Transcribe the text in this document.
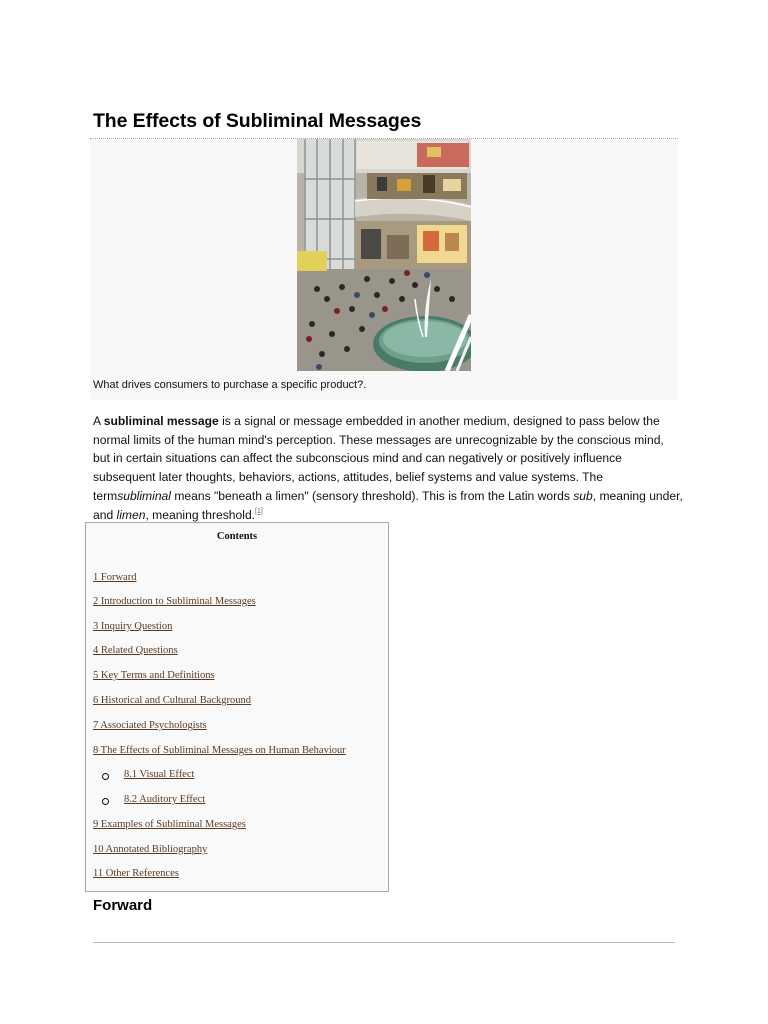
The Effects of Subliminal Messages
What drives consumers to purchase a specific product?.

A subliminal message is a signal or message embedded in another medium, designed to pass below the normal limits of the human mind's perception. These messages are unrecognizable by the conscious mind, but in certain situations can affect the subconscious mind and can negatively or positively influence subsequent later thoughts, behaviors, actions, attitudes, belief systems and value systems. The termsubliminal means "beneath a limen" (sensory threshold). This is from the Latin words sub, meaning under, and limen, meaning threshold.[1]

Contents
1 Forward
2 Introduction to Subliminal Messages
3 Inquiry Question
4 Related Questions
5 Key Terms and Definitions
6 Historical and Cultural Background
7 Associated Psychologists
8 The Effects of Subliminal Messages on Human Behaviour
8.1 Visual Effect
8.2 Auditory Effect
9 Examples of Subliminal Messages
10 Annotated Bibliography
11 Other References
Forward
